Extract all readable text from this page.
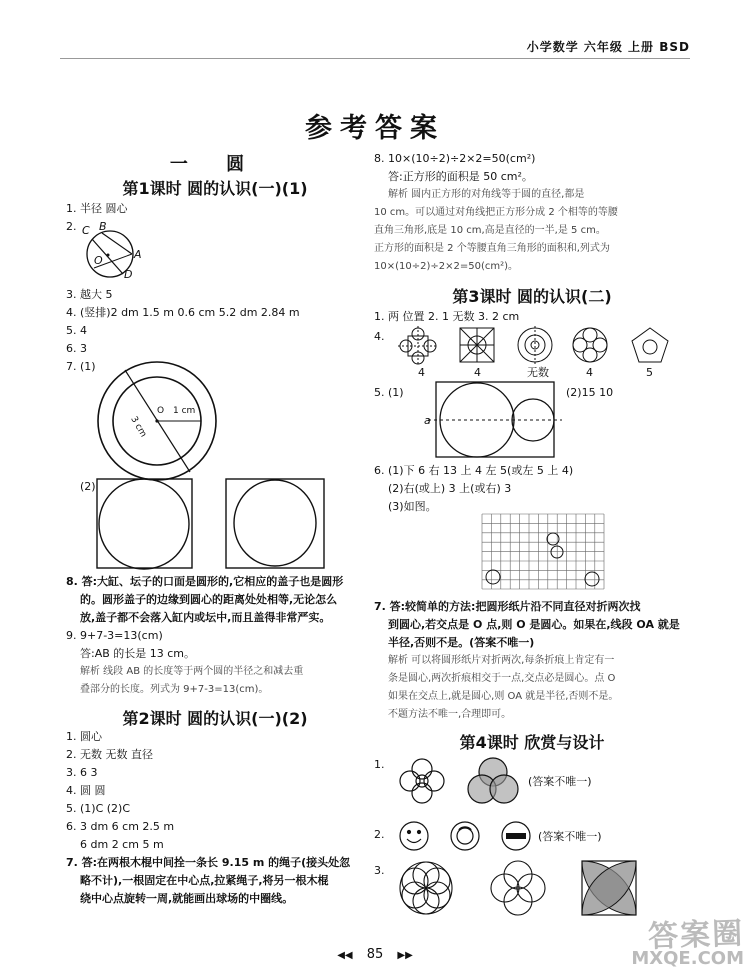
小学数学 六年级 上册 BSD
参考答案
一 圆
第1课时 圆的认识(一)(1)
1. 半径 圆心
2. C B
O	A
D
3. 越大 5
4. (竖排)2 dm 1.5 m 0.6 cm 5.2 dm 2.84 m
5. 4
6. 3
7. (1)
O 1 cm
3 cm
(2)
8. 答:大缸、坛子的口面是圆形的,它相应的盖子也是圆形
的。圆形盖子的边缘到圆心的距离处处相等,无论怎么
放,盖子都不会落入缸内或坛中,而且盖得非常严实。
9. 9+7-3=13(cm)
答:AB 的长是 13 cm。
解析 线段 AB 的长度等于两个圆的半径之和减去重
叠部分的长度。列式为 9+7-3=13(cm)。
第2课时 圆的认识(一)(2)
1. 圆心
2. 无数 无数 直径
3. 6 3
4. 圆 圆
5. (1)C (2)C
6. 3 dm 6 cm 2.5 m
6 dm 2 cm 5 m
7. 答:在两根木棍中间拴一条长 9.15 m 的绳子(接头处忽
略不计),一根固定在中心点,拉紧绳子,将另一根木棍
绕中心点旋转一周,就能画出球场的中圈线。
8. 10×(10÷2)÷2×2=50(cm²)
答:正方形的面积是 50 cm²。
解析 圆内正方形的对角线等于圆的直径,都是
10 cm。可以通过对角线把正方形分成 2 个相等的等腰
直角三角形,底是 10 cm,高是直径的一半,是 5 cm。
正方形的面积是 2 个等腰直角三角形的面积和,列式为
10×(10÷2)÷2×2=50(cm²)。
第3课时 圆的认识(二)
1. 两 位置 2. 1 无数 3. 2 cm
4.
4	4	无数	4	5
5. (1)	(2)15 10
a
6. (1)下 6 右 13 上 4 左 5(或左 5 上 4)
(2)右(或上) 3 上(或右) 3
(3)如图。
7. 答:较简单的方法:把圆形纸片沿不同直径对折两次找
到圆心,若交点是 O 点,则 O 是圆心。如果在,线段 OA 就是
半径,否则不是。(答案不唯一)
解析 可以将圆形纸片对折两次,每条折痕上肯定有一
条是圆心,两次折痕相交于一点,交点必是圆心。点 O
如果在交点上,就是圆心,则 OA 就是半径,否则不是。
不题方法不唯一,合理即可。
第4课时 欣赏与设计
1.
(答案不唯一)
2.	(答案不唯一)
3.
◀◀ 85 ▶▶
答案圈
MXQE.COM
